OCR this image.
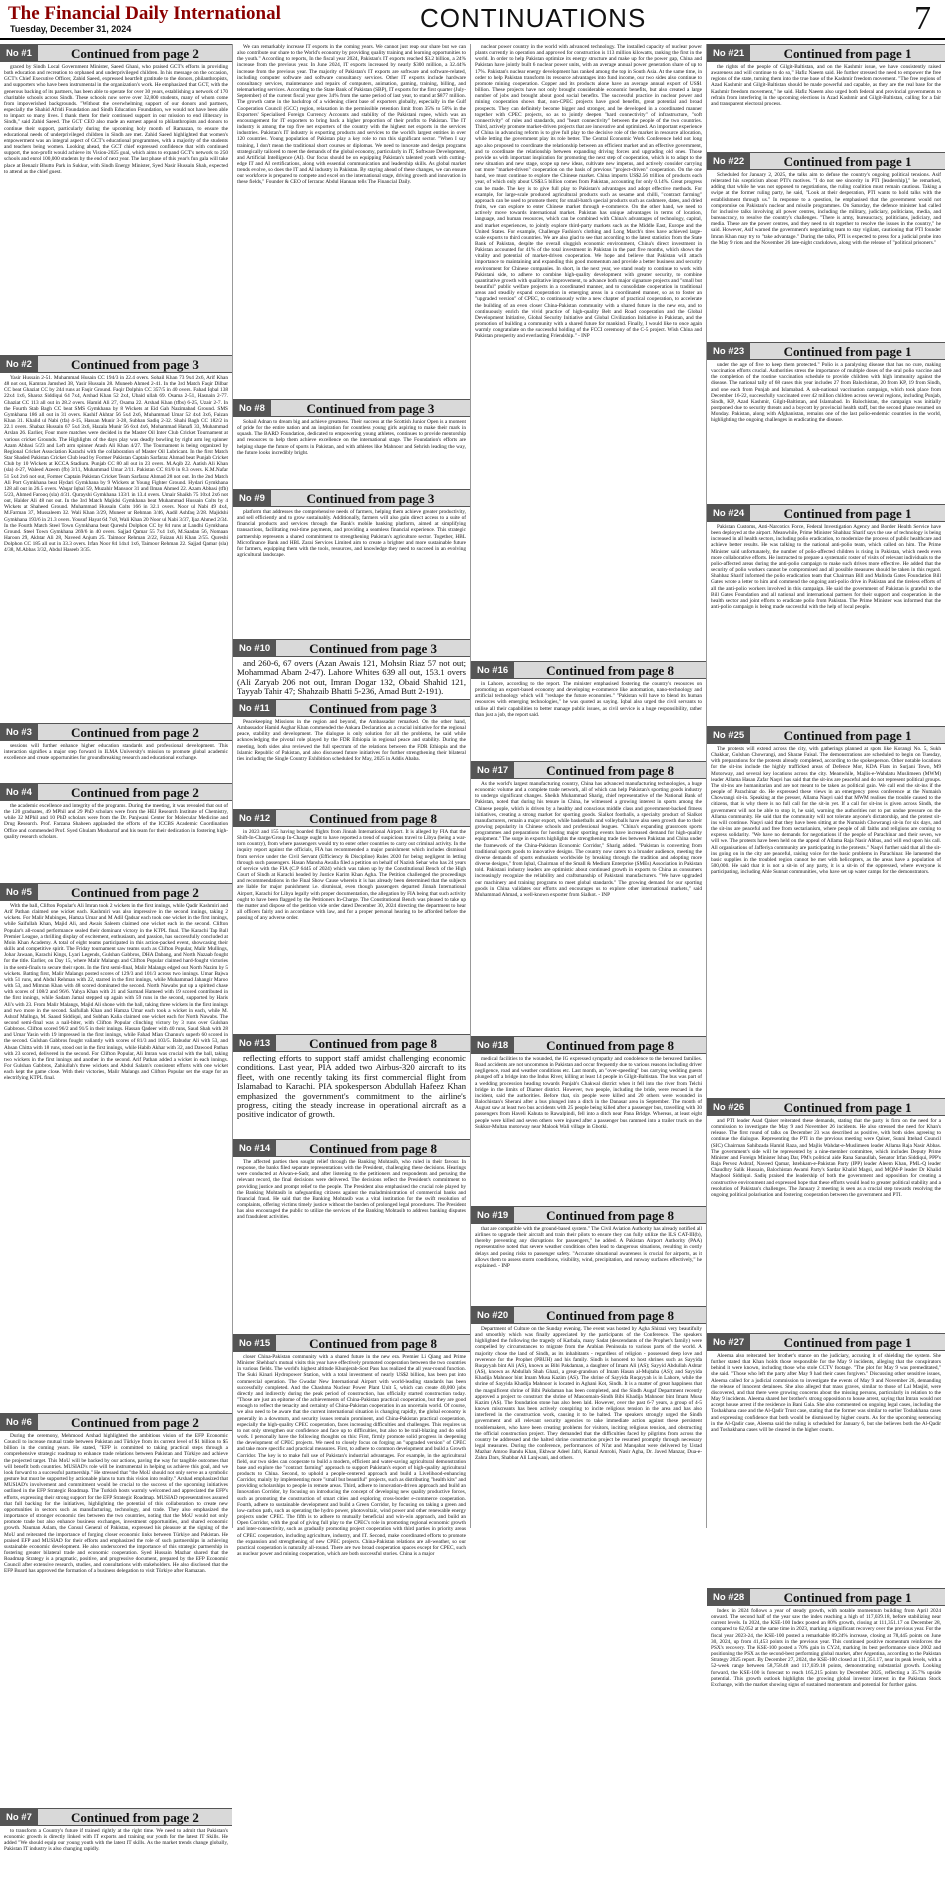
The Financial Daily International
Tuesday, December 31, 2024	CONTINUATIONS	7
No #1	Continued from page 2

graced by Sindh Local Government Minister, Saeed Ghani, who praised GCT's efforts in providing both education and recreation to orphaned and underprivileged children. In his message on the occasion, GCT's Chief Executive Officer, Zahid Saeed, expressed heartfelt gratitude to the donors, philanthropists, and supporters who have been instrumental in the organization's work. He emphasized that GCT, with the generous backing of its partners, has been able to operate for over 30 years, establishing a network of 170 charitable schools across Sindh. These schools now serve over 32,800 students, many of whom come from impoverished backgrounds. "Without the overwhelming support of our donors and partners, especially the Shahid Afridi Foundation and Sindh Education Foundation, we would not have been able to impact so many lives. I thank them for their continued support in our mission to end illiteracy in Sindh," said Zahid Saeed. The GCT CEO also made an earnest appeal to philanthropists and donors to continue their support, particularly during the upcoming holy month of Ramazan, to ensure the educational needs of underprivileged children in Sindh are met. Zahid Saeed highlighted that women's empowerment was an integral aspect of GCT's educational programmes, with a majority of the students and teachers being women. Looking ahead, the GCT chief expressed confidence that with continued support, the non-profit would achieve its Vision-2025 goal, which aims to expand GCT's network to 250 schools and enrol 100,000 students by the end of next year. The last phase of this year's fun gala will take place at Benazir Bhutto Park in Sukkur, with Sindh Energy Minister, Syed Nasir Hussain Shah, expected to attend as the chief guest.

No #2	Continued from page 3

Yasir Hussain 2-51. Muhammad Husain CC 194/3 in 22.4 overs. Sohail Khan 73 9x4 2x6, Arif Khan 48 not out, Kamran Jamshed 38, Yasir Hussain 28. Muneeb Ahmed 2-41. In the 3rd Match Faqir Dilbar CC beat Ghaziat CC by 244 runs at Faqir Ground. Faqir Dolphin CC 357/5 in 40 overs. Fahad Iqbal 138 22x4 1x6, Sharoz Siddiqui 64 7x4, Arshad Khan 52 2x4, Ubaid ullah 69. Osama 2-51, Hasnain 2-77. Ghaziat CC 113 all out in 28.2 overs. Hamid Ali 27, Osama 22. Arshad Khan (tfbs) 6-25, Uzair 2-7. In the Fourth Stab Bagh CC beat SMS Gymkhana by 8 Wickets at Eid Gah Nazimabad Ground. SMS Gymkhana 186 all out in 31 overs. Kashif Akhtar 56 5x4 2x6, Muhammad Umar 52 4x4 3x6, Faizan Khan 31. Khalid ul Nabi (tfa) 4-15, Hassan Munir 3-28, Subhan Sadiq 2-32. Shahi Bagh CC 182/2 in 22.1 overs. Shabaz Hussain 67 5x4 3x6, Hazala Munir 56 6x4 4x6, Mohammad Hanafi 33, Muhammad Arslan 26. Earlier, Four more matches were decided in the Master Oil Inter Club Cricket Tournament at various cricket Grounds. The Highlights of the days play was deadly bowling by right arm leg spinner Azam Abbasi 5/23 and Left arm spinner Atash Ali Khan 4/27. The Tournament is being organized by Regional Cricket Association Karachi with the collaboration of Master Oil Lubricant. In the first Match Star Shaded Pakistan Cricket Club lead by Former Pakistan Captain Sarfaraz Ahmad beat Punjab Cricket Club by 10 Wickets at KCCA Stadium. Punjab CC 80 all out in 23 overs. M.Aqib 22. Aatish Ali Khan (sla) 4-27, Waleed Azeem (fb) 3/11, Muhammad Umar 2/11. Pakistan CC 81/0 in 8.3 overs. K.M.Nafar 51 5x4 2x6 not out, Former Captain Pakistan Cricket Team Sarfaraz Ahmad 28 not out. In the 2nd Match Ali Port Gymkhana beat Hydari Gymkhana by 9 Wickets at Young Fighter Ground. Hydari Gymkhana 128 all out in 26.5 overs. Waqar Iqbal 59, Muzahir Mansoor 31 and Ilman Ahmed 22. Azam Abbasi (tfb) 5/23, Ahmed Farooq (sla) 4/31. Qurayshi Gymkhana 133/1 in 13.4 overs. Umair Shaikh 75 10x4 2x6 not out, Haider Ali 48 not out. In the 3rd Match Majidsi Gymkhana beat Muhammad Hussain Colts by 4 Wickets at Shaheed Ground. Muhammad Hussain Colts 166 in 32.1 overs. Noor ul Nabi 49 4x4, M.Farman 37, Mussaleem 32. Wali Khan 3/29, Muneer ur Rehman 3/46, Aadil Ashfaq 2/28. Majidshi Gymkhana 193/6 in 21.3 overs. Yousuf Hayat 64 7x8, Wali Khan 20 Noor ul Nabi 3/37, Ijaz Ahmed 2/34. In the Fourth Match Steel Town Gymkhana beat Qureshi Dolphon CC by 84 runs at Landhi Gymkhana Ground. Steel Town Gymkhana 269/6 in 40 overs. Sajjad Qamar 55 7x4 1x6, M.Saadan 56, Nomaan Haroon 29, Akhtar Ali 28, Naveed Anjum 25. Taimoor Rehman 2/22, Faizan Ali Khan 2/55. Qureshi Dolphon CC 185 all out in 33.3 overs. Irfan Noor 84 14x4 1x6, Taimoor Rehman 22. Sajjad Qamar (sla) 4/38, M.Abbas 3/32, Abdul Haseeb 3/35.

No #3	Continued from page 2

sessions will further enhance higher education standards and professional development. This interaction signifies a major step forward in ILMA University's mission to promote global academic excellence and create opportunities for groundbreaking research and educational exchange.

No #4	Continued from page 2

the academic excellence and integrity of the programs. During the meeting, it was revealed that out of the 120 graduates, 49 MPhil and 29 PhD scholars were from the HEJ Research Institute of Chemistry, while 32 MPhil and 10 PhD scholars were from the Dr. Panjwani Center for Molecular Medicine and Drug Research. Prof. Farzana Shaheen applauded the efforts of the ICCBS Academic Coordination Office and commended Prof. Syed Ghulam Musharraf and his team for their dedication in fostering high-quality research scholars.

No #5	Continued from page 2

With the ball, Clifton Popular's Ali Imran took 2 wickets in the first innings, while Qadir Kashmiri and Arif Pathan claimed one wicket each. Kashmiri was also impressive in the second innings, taking 2 wickets. For Malir Mubinges, Hamza Umar and M Adil Qadsar each took one wicket in the first innings, while Saifullah Khan, Majid Ali, and Awais Saleem claimed one wicket each in the second. Clifton Popular's all-round performance sealed their dominant victory in the KTPL final. The Karachi Tap Ball Premier League, a thrilling display of excitement, enthusiasm, and passion, has successfully concluded at Moin Khan Academy. A total of eight teams participated in this action-packed event, showcasing their skills and competitive spirit. The Friday tournament saw teams such as Clifton Popular, Malir Mullings, Johar Jawaan, Karachi Kings, Lyari Legends, Gulshan Gabbros, DHA Dabang, and North Nazaab fought for the title. Earlier, on Day 15, where Malir Malangs and Clifton Popular claimed hard-fought victories in the semi-finals to secure their spots. In the first semi-final, Malir Malangs edged out North Nazim by 5 wickets. Batting first, Malir Malangs posted scores of 129/3 and 101/3 across two innings. Umar Bajwa with 51 runs, and Abdul Rehman with 22, starred in the first innings, while Muhammad Jahangir Maroo with 53, and Mimran Khan with 48 scored dominated the second. North Nawabs put up a spirited chase with scores of 108/2 and 96/6. Yahya Khan with 21 and Sarmad Hameed with 19 scored contributed in the first innings, while Sadam Jamal stepped up again with 59 runs in the second, supported by Haris Ali's with 23. From Malir Malangs, Majid Ali shone with the ball, taking three wickets in the first innings and two more in the second. Saifullah Khan and Hamza Umar each took a wicket in each, while M. Ashraf Mallnga, M. Saaud Siddiqui, and Subhan Kalia claimed one wicket each for North Nawabs. The second semi-final was a nail-biter, with Clifton Popular clinching victory by 3 runs over Gulshan Gabbroos. Clifton scored 96/2 and 91/5 in their innings. Hassan Qadeer with 40 runs, Saud Shah with 28 and Umar Yasin with 19 impressed in the first innings, while Fahad Mian Channu's superb 60 scored in the second. Gulshan Gabbros fought valiantly with scores of 81/3 and 103/5. Babudur Ali with 53, and Ahsan Chitta with 18 runs, stood out in the first innings, while Habib Akhar with 32, and Dawood Pathan with 23 scored, delivered in the second. For Clifton Popular, Ali Imran was crucial with the ball, taking two wickets in the first innings and another in the second. Arif Pathan added a wicket in each innings. For Gulshan Gabbros, Zahiullah's three wickets and Abdul Salam's consistent efforts with one wicket each kept the game close. With their victories, Malir Malangs and Clifton Popular set the stage for an electrifying KTPL final.

No #6	Continued from page 2

During the ceremony, Mehmood Arshad highlighted the ambitious vision of the EFP Economic Council to increase mutual trade between Pakistan and Türkiye from its current level of $1 billion to $5 billion in the coming years. He stated, "EFP is committed to taking practical steps through a comprehensive strategic roadmap to enhance trade relations between Pakistan and Türkiye and achieve the projected target. This MoU will be backed by our actions, paving the way for tangible outcomes that will benefit both countries. MUSIAD's role will be instrumental in helping us achieve this goal, and we look forward to a successful partnership." He stressed that "the MoU should not only serve as a symbolic gesture but must be supported by actionable plans to turn this vision into reality." Arshad emphasized that MUSIAD's involvement and commitment would be crucial to the success of the upcoming initiatives outlined in the EFP Strategic Roadmap. The Turkish hosts warmly welcomed and appreciated the EFP's efforts, expressing their strong support for the EFP Strategic Roadmap. MUSIAD representatives assured that full backing for the initiatives, highlighting the potential of this collaboration to create new opportunities in sectors such as manufacturing, technology, and trade. They also emphasized the importance of stronger economic ties between the two countries, noting that the MoU would not only promote trade but also enhance business exchanges, investment opportunities, and shared economic growth. Nauman Aslam, the Consul General of Pakistan, expressed his pleasure at the signing of the MoU and reiterated the importance of forging closer economic links between Türkiye and Pakistan. He praised EFP and MUSIAD for their efforts and emphasized the role of such partnerships in achieving sustainable economic development. He also underscored the importance of this strategic partnership in fostering greater bilateral trade and economic cooperation. Syed Hussain Mazhar shared that the Roadmap Strategy is a pragmatic, positive, and progressive document, prepared by the EFP Economic Council after extensive research, studies, and consultations with stakeholders. He also disclosed that the EFP Board has approved the formation of a business delegation to visit Türkiye after Ramazan.

No #7	Continued from page 2

to transform a Country's future if trained rightly at the right time. We need to admit that Pakistan's economic growth is directly linked with IT exports and training our youth for the latest IT Skills. He added "We should equip our young youth with the latest IT skills. As the market trends change globally, Pakistan IT industry is also changing rapidly.

We can remarkably increase IT exports in the coming years. We cannot just reap our share but we can also contribute our share to the World's economy by providing quality training and learning opportunities to the youth." According to reports, In the fiscal year 2024, Pakistan's IT exports reached $3.2 billion, a 24% increase from the previous year. In June 2024, IT exports increased by nearly $300 million, a 32.44% increase from the previous year. The majority of Pakistan's IT exports are software and software-related, including computer software and software consultancy services. Other IT exports include hardware consultancy services, maintenance and repairs of computers, animation, gaming, training, billing, and telemarketing services. According to the State Bank of Pakistan (SBP), IT exports for the first quarter (July-September) of the current fiscal year grew 34% from the same period of last year, to stand at $877 million. The growth came in the backdrop of a widening client base of exporters globally, especially in the Gulf Cooperation Council (GCC) region, relaxation in the permissible retention limit from 35% to 50% in the Exporters' Specialised Foreign Currency Accounts and stability of the Pakistani rupee, which was an encouragement for IT exporters to bring back a higher proportion of their profits to Pakistan. The IT industry is among the top five net exporters of the country with the highest net exports in the services industries. Pakistan's IT industry is exporting products and services to the world's largest entities in over 120 countries. Young population of Pakistan play a key role to run this significant sector. "When I say training, I don't mean the traditional short courses or diplomas. We need to innovate and design programs strategically tailored to meet the demands of the global economy, particularly in IT, Software Development, and Artificial Intelligence (AI). Our focus should be on equipping Pakistan's talented youth with cutting-edge IT and AI certifications, along with essential communication and leadership skills. As global market trends evolve, so does the IT and AI industry in Pakistan. By staying ahead of these changes, we can ensure our workforce is prepared to compete and excel on the international stage, driving growth and innovation in these fields," Founder & CEO of Ierrarac Abdul Hannan tells The Financial Daily.

No #8	Continued from page 3

Sohail Adnan to dream big and achieve greatness. Their success at the Scottish Junior Open is a moment of pride for the entire nation and an inspiration for countless young girls aspiring to make their mark in squash. The BARD Foundation, dedicated to empowering young athletes, continues to provide mentorship and resources to help them achieve excellence on the international stage. The Foundation's efforts are helping shape the future of sports in Pakistan, and with athletes like Mahnoor and Sehrish leading the way, the future looks incredibly bright.

No #9	Continued from page 3

platform that addresses the comprehensive needs of farmers, helping them achieve greater productivity, and sell efficiently and to grow sustainably. Additionally, farmers will also gain direct access to a suite of financial products and services through the Bank's mobile banking platform, aimed at simplifying transactions, facilitating real-time payments, and providing a seamless financial experience. This strategic partnership represents a shared commitment to strengthening Pakistan's agriculture sector. Together, HBL Microfinance Bank and HBL Zarai Services Limited aim to create a brighter and more sustainable future for farmers, equipping them with the tools, resources, and knowledge they need to succeed in an evolving agricultural landscape.

No #10	Continued from page 3

and 260-6, 67 overs (Azan Awais 121, Mohsin Riaz 57 not out; Mohammad Abam 2-47). Lahore Whites 639 all out, 153.1 overs (Ali Zaryab 206 not out, Imran Dogar 132, Obaid Shahid 121, Tayyab Tahir 47; Shahzaib Bhatti 5-236, Amad Butt 2-191).

No #11	Continued from page 3

Peacekeeping Missions in the region and beyond, the Ambassador remarked. On the other hand, Ambassador Hamid Asghar Khan commended the Ankara Declaration as a crucial initiative for the regional peace, stability and development. The dialogue is only solution for all the problems, he said while acknowledging the pivotal role played by the FDR Ethiopia in regional peace and stability. During the meeting, both sides also reviewed the full spectrum of the relations between the FDR Ethiopia and the Islamic Republic of Pakistan, and also discussed future initiatives for further strengthening their bilateral ties including the Single Country Exhibition scheduled for May, 2025 in Addis Ababa.

No #12	Continued from page 8

in 2023 and 155 having boarded flights from Jinnah International Airport. It is alleged by FIA that the Shift-In-Charge/Group In-Charge ought to have reported a trend of suspicious travel to Libya (being a war-torn country), from where passengers would try to enter other countries to carry out criminal activity. In the inquiry report against the officials, FIA has recommended a major punishment which includes dismissal from service under the Civil Servant (Efficiency & Discipline) Rules 2020 for being negligent in letting through such passengers. Hasan Mansha Awalla filed a petition on behalf of Nazish Sehar who has 24 years of service with the FIA (C.P 6445 of 2024) which was taken up by the Constitutional Bench of the High Court of Sindh at Karachi headed by Justice Karim Khan Agha. The Petition challenged the proceedings and recommendations in the Final Show Cause wherein it is has already been determined that the subjects are liable for major punishment i.e. dismissal, even though passengers departed Jinnah International Airport, Karachi for Libya legally with proper documentation, the allegation by FIA being that such activity ought to have been flagged by the Petitioners In-Charge. The Constitutional Bench was pleased to take up the matter and dispose of the petition vide order dated December 30, 2024 directing the department to hear all officers fairly and in accordance with law, and for a proper personal hearing to be afforded before the passing of any adverse order.

No #13	Continued from page 8

reflecting efforts to support staff amidst challenging economic conditions. Last year, PIA added two Airbus-320 aircraft to its fleet, with one recently taking its first commercial flight from Islamabad to Karachi. PIA spokesperson Abdullah Hafeez Khan emphasized the government's commitment to the airline's progress, citing the steady increase in operational aircraft as a positive indicator of growth.

No #14	Continued from page 8

The affected parties then sought relief through the Banking Mohtasib, who ruled in their favour. In response, the banks filed separate representations with the President, challenging these decisions. Hearings were conducted at Aiwan-e-Sadr, and after listening to the petitioners and respondents and perusing the relevant record, the final decisions were delivered. The decisions reflect the President's commitment to providing justice and prompt relief to the people. The President also emphasised the crucial role played by the Banking Mohtasib in safeguarding citizens against the maladministration of commercial banks and financial fraud. He said that the Banking Mohtasib was a vital institution for the swift resolution of complaints, offering victims timely justice without the burden of prolonged legal procedures. The President has also encouraged the public to utilize the services of the Banking Mohtasib to address banking disputes and fraudulent activities.

No #15	Continued from page 8

closer China-Pakistan community with a shared future in the new era. Premier Li Qiang and Prime Minister Shehbaz's mutual visits this year have effectively promoted cooperation between the two countries in various fields. The world's highest altitude Khunjerab-Sost Pass has realized the all year-round function. The Suki Kinari Hydropower Station, with a total investment of nearly US$2 billion, has been put into commercial operation. The Gwadar New International Airport with world-leading standards has been successfully completed. And the Chashma Nuclear Power Plant Unit 5, which can create 40,000 jobs directly and indirectly during the peak period of construction, has officially started construction today. "Those are just an epitome of the achievements of China-Pakistan practical cooperation, but they are good enough to reflect the tenacity and certainty of China-Pakistan cooperation in an uncertain world. Of course, we also need to be aware that the current international situation is changing rapidly, the global economy is generally in a downturn, and security issues remain prominent, and China-Pakistan practical cooperation, especially the high-quality CPEC cooperation, faces increasing difficulties and challenges. This requires us to not only strengthen our confidence and face up to difficulties, but also to be trail-blazing and do solid work. I personally have the following thoughts on this: First, firmly promote solid progress in deepening the development of CPEC projects. We need to closely focus on forging an "upgraded version" of CPEC and take more specific and practical measures. First, to adhere to common development and build a Growth Corridor. The key is to make full use of Pakistan's industrial advantages. For example, in the agricultural field, our two sides can cooperate to build a modern, efficient and water-saving agricultural demonstration base and explore the "contract farming" approach to support Pakistan's export of high-quality agricultural products to China. Second, to uphold a people-centered approach and build a Livelihood-enhancing Corridor, mainly by implementing more "small but beautiful" projects, such as distributing "health kits" and providing scholarships to people in remote areas. Third, adhere to innovation-driven approach and build an Innovation Corridor, by focusing on introducing the concept of developing new quality productive forces, such as promoting the construction of smart cities and exploring cross-border e-commerce cooperation. Fourth, adhere to sustainable development and build a Green Corridor, by focusing on taking a green and low-carbon path, such as operating the hydro power, photovoltaic, wind power and other renewable energy projects under CPEC. The fifth is to adhere to mutually beneficial and win-win approach, and build an Open Corridor, with the goal of giving full play to the CPEC's role in promoting regional economic growth and inter-connectivity, such as gradually promoting project cooperation with third parties in priority areas of CPEC cooperation, including agriculture, industry, and IT. Second, make coordinated efforts to promote the expansion and strengthening of new CPEC projects. China-Pakistan relations are all-weather, so our practical cooperation is naturally all-round. There are two broad cooperation spaces except for CPEC, such as nuclear power and mining cooperation, which are both successful stories. China is a major

nuclear power country in the world with advanced technology. The installed capacity of nuclear power plants currently in operation and approved for construction is 113 million kilowatts, ranking the first in the world. In order to help Pakistan optimize its energy structure and make up for the power gap, China and Pakistan have jointly built 6 nuclear power units, with an average annual power generation share of up to 17%. Pakistan's nuclear energy development has ranked among the top in South Asia. At the same time, in order to help Pakistan transform its resource advantages into fund income, our two sides also continue to promote mining cooperation. Copper and its products alone have an average annual export of US$1 billion. These projects have not only brought considerable economic benefits, but also created a large number of jobs and brought about good social benefits. The successful practice in nuclear power and mining cooperation shows that, non-CPEC projects have good benefits, great potential and broad prospects. They can definitely become bigger and stronger, and be developed in a coordinated manner together with CPEC projects, so as to jointly deepen "hard connectivity" of infrastructure, "soft connectivity" of rules and standards, and "heart connectivity" between the people of the two countries. Third, actively promote market-driven projects that are innovative and optimized. An important experience of China in advancing reform is to give full play to the decisive role of the market in resource allocation, while letting the government play its role better. The Central Economic Work Conference held not long ago also proposed to coordinate the relationship between an efficient market and an effective government, and to coordinate the relationship between expanding driving forces and upgrading old ones. Those provide us with important inspiration for promoting the next step of cooperation, which is to adapt to the new situation and new stage, scope up new ideas, cultivate new impetus, and actively consider carrying out more "market-driven" cooperation on the basis of previous "project-driven" cooperation. On the one hand, we must continue to explore the Chinese market. China imports US$2.56 trillion of products each year, of which only about US$3.5 billion comes from Pakistan, accounting for only 0.14%. Great progress can be made. The key is to give full play to Pakistan's advantages and adopt effective methods. For example, for large-scale produced agricultural products such as sesame and chilli, "contract farming" approach can be used to promote them; for small-batch special products such as cashmere, dates, and dried fruits, we can explore to enter Chinese market through e-commerce. On the other hand, we need to actively move towards international market. Pakistan has unique advantages in terms of location, language, and human resources, which can be combined with China's advantages of technology, capital, and market experiences, to jointly explore third-party markets such as the Middle East, Europe and the United States. For example, Challenge Fashion's clothing and Long March's tires have achieved large-scale exports to third countries. We are also glad to see that according to the latest statistics from the State Bank of Pakistan, despite the overall sluggish economic environment, China's direct investment in Pakistan accounted for 41% of the total investment in Pakistan in the past five months, which shows the vitality and potential of market-driven cooperation. We hope and believe that Pakistan will attach importance to maintaining and expanding this good momentum and provide a better business and security environment for Chinese companies. In short, in the next year, we stand ready to continue to work with Pakistani side, to adhere to combine high-quality development with greater security, to combine quantitative growth with qualitative improvement, to advance both major signature projects and "small but beautiful" public welfare projects in a coordinated manner, and to consolidate cooperation in traditional areas and steadily expand cooperation in emerging areas in a coordinated manner, so as to foster an "upgraded version" of CPEC, to continuously write a new chapter of practical cooperation, to accelerate the building of an even closer China-Pakistan community with a shared future in the new era, and to continuously enrich the vivid practice of high-quality Belt and Road cooperation and the Global Development Initiative, Global Security Initiative and Global Civilization Initiative in Pakistan, and the promotion of building a community with a shared future for mankind. Finally, I would like to once again warmly congratulate on the successful holding of the FCCI ceremony of the C-5 project. Wish China and Pakistan prosperity and everlasting Friendship." - INP

No #16	Continued from page 8

in Lahore, according to the report. The minister emphasised fostering the country's resources on promoting an export-based economy and developing e-commerce like automation, nano-technology and artificial technology which will "reshape the future economies." "Pakistan will have to blend its human resources with emerging technologies," he was quoted as saying. Iqbal also urged the civil servants to utilise all their capabilities to better manage public issues, as civil service is a huge responsibility, rather than just a job, the report said.

No #17	Continued from page 8

As the world's largest manufacturing country, China has advanced manufacturing technologies, a huge economic volume and a complete trade network, all of which can help Pakistan's sporting goods industry to undergo significant changes. Sheikh Muhammad Sharig, chief representative of the National Bank of Pakistan, noted that during his tenure in China, he witnessed a growing interest in sports among the Chinese people, which is driven by a healthy and conscious middle class and government-backed fitness initiatives, creating a strong market for sporting goods. Sialkot footballs, a specialty product of Sialkot manufacturers, remain a major export, while basketballs and volleyballs have also seen growth due to their growing popularity in Chinese schools and professional leagues. "China's expanding grassroots sports programmes and preparations for hosting major sporting events have increased demand for high-quality equipment." The surge in exports highlights the strengthening trade ties between Pakistan and China under the framework of the China-Pakistan Economic Corridor," Sharig added. "Pakistan is converting from traditional sports goods to innovative designs. The country now caters to a broader audience, meeting the diverse demands of sports enthusiasts worldwide by breaking through the tradition and adopting more diverse designs," from Iqbal, Chairman of the Small & Medium Enterprise (SMEs) Association in Pakistan told. Pakistani industry leaders are optimistic about continued growth in exports to China as consumers increasingly recognize the reliability and craftsmanship of Pakistani manufacturers. "We have upgraded our machinery and training programs to meet global standards." The growing demand for our sporting goods in China validates our efforts and encourages us to explore other international markets," said Muhammad Ahmad, a well-known exporter from Sialkot. - INP

No #18	Continued from page 8

medical facilities to the wounded, the IG expressed sympathy and condolence to the bereaved families. Road accidents are not uncommon in Pakistan and occur frequently due to various reasons including driver negligence, road and weather conditions etc. Last month, an "over-speeding" bus carrying wedding guests plunged off a bridge into the Indus River, killing at least 14 people in Gilgit-Baltistan. The bus was part of a wedding procession heading towards Punjab's Chakwal district when it fell into the river from Telchi bridge in the limits of Diamer district. However, two people, including the bride, were rescued in the incident, said the authorities. Before that, six people were killed and 20 others were wounded in Balochistan's Sherani after a bus plunged into a ditch in the Danasar area in September. The month of August saw at least two bus accidents with 25 people being killed after a passenger bus, travelling with 30 passengers from Haveli Kahuta to Rawalpindi, fell into a ditch near Pana Bridge. Whereas, at least eight people were killed and seven others were injured after a passenger bus rammed into a trailer truck on the Sukkur-Multan motorway near Malook Wali village in Gbotki.

No #19	Continued from page 8

that are compatible with the ground-based system." The Civil Aviation Authority has already notified all airlines to upgrade their aircraft and train their pilots to ensure they can fully utilize the ILS CAT-III(b), thereby preventing any disruptions for passengers," he added. A Pakistan Airport Authority (PAA) representative noted that severe weather conditions often lead to dangerous situations, resulting in costly delays and posing risks to passenger safety. "Accurate situational awareness is crucial for airports, as it allows them to assess storm conditions, visibility, wind, precipitation, and runway surfaces effectively," he explained. - INP

No #20	Continued from page 8

Department of Culture on the Sunday evening. The event was hosted by Agha Shirazi very beautifully and smoothly which was finally appreciated by the participants of the Conference. The speakers highlighted the following the tragedy of Karbala, many Sadat (descendants of the Prophet's family) were compelled by circumstances to migrate from the Arabian Peninsula to various parts of the world. A majority chose the land of Sindh, as its inhabitants - regardless of religion - possessed deep love and reverence for the Prophet (PBUH) and his family. Sindh is honored to host shrines such as Sayyida Ruqayyah bint Ali (AS), known as Bibi Pakdaman, a daughter of Imam Ali (AS); Sayyid Abdullah Ashtar (AS), known as Abdullah Shah Ghazi, a great-grandson of Imam Hasan al-Mujtaba (AS); and Sayyida Khadija Mahnoor bint Imam Musa Kazim (AS). The shrine of Sayyida Ruqayyah is in Lahore, while the shrine of Sayyida Khadija Mahnoor is located in Aghani Kot, Sindh. It is a matter of great happiness that the magnificent shrine of Bibi Pakdaman has been completed, and the Sindh Augaf Department recently approved a project to construct the shrine of Masoomain-Sindh Bibi Khadija Mahnoor bint Imam Musa Kazim (AS). The foundation stone has also been laid. However, over the past 6-7 years, a group of 4-5 known miscreants has been actively conspiring to incite religious tension in the area and has also interfered in the construction work, causing it to be halted. The speakers strongly urged the Sindh government and all relevant security agencies to take immediate action against these persistent troublemakers, who have been creating problems for visitors, inciting religious tension, and obstructing the official construction project. They demanded that the difficulties faced by pilgrims from across the country be addressed and the halted shrine construction project be resumed promptly through necessary legal measures. During the conference, performances of Ni'at and Manqabat were delivered by Ustad Mazhar Amroo Bandu Khan, Ekhwar Adeel Jafri, Kamal Amrohi, Nasir Agha, Dr. Javed Manzar, Dua-e-Zahra Dars, Shabbar Ali Lanjwani, and others.

No #21	Continued from page 1

the rights of the people of Gilgit-Baltistan, and on the Kashmir issue, we have consistently raised awareness and will continue to do so," Hafiz Naeem said. He further stressed the need to empower the free regions of the state, turning them into the true base of the Kashmir freedom movement. "The free regions of Azad Kashmir and Gilgit-Baltistan should be made powerful and capable, as they are the real base for the Kashmir freedom movement," he said. Hafiz Naeem also urged both federal and provincial governments to refrain from interfering in the upcoming elections in Azad Kashmir and Gilgit-Baltistan, calling for a fair and transparent electoral process.

No #22	Continued from page 1

Scheduled for January 2, 2025, the talks aim to defuse the country's ongoing political tensions. Asif reiterated his scepticism about PTI's motives. "I do not see sincerity in PTI [leadership]," he remarked, adding that while he was not opposed to negotiations, the ruling coalition must remain cautious. Taking a swipe at the former ruling party, he said, "Look at their desperation, PTI wants to hold talks with the establishment through us." In response to a question, he emphasised that the government would not compromise on Pakistan's nuclear and missile programmes. On Saturday, the defence minister had called for inclusive talks involving all power centres, including the military, judiciary, politicians, media, and bureaucracy, to resolve the country's challenges. "There is army, bureaucracy, politicians, judiciary, and media. These are the power centres, and they need to sit together to resolve the issues in the country," he said. However, Asif warned the government's negotiating team to stay vigilant, cautioning that PTI founder Imran Khan may try to "take advantage." During the talks, PTI is expected to press for a judicial probe into the May 9 riots and the November 26 late-night crackdown, along with the release of "political prisoners."

No #23	Continued from page 1

under the age of five to keep them protected." Polio is a paralysing disease that has no cure, making vaccination efforts crucial. Authorities stress the importance of multiple doses of the oral polio vaccine and the completion of the routine vaccination schedule to provide children with high immunity against the disease. The national tally of 68 cases this year includes 27 from Balochistan, 20 from KP, 19 from Sindh, and one each from Punjab and Islamabad. A sub-national vaccination campaign, which took place from December 16-22, successfully vaccinated over 42 million children across several regions, including Punjab, Sindh, KP, Azad Kashmir, Gilgit-Baltistan, and Islamabad. In Balochistan, the campaign was initially postponed due to security threats and a boycott by provincial health staff, but the second phase resumed on Monday. Pakistan, along with Afghanistan, remains one of the last polio-endemic countries in the world, highlighting the ongoing challenges in eradicating the disease.

No #24	Continued from page 1

Pakistan Customs, Anti-Narcotics Force, Federal Investigation Agency and Border Health Service have been deployed at the airport. Meanwhile, Prime Minister Shahbaz Sharif says the use of technology is being increased in all health sectors, including polio eradication, to modernize the process of public healthcare and achieve better results. He was talking to the national anti-polio team, which called on him. The Prime Minister said unfortunately, the number of polio-affected children is rising in Pakistan, which needs even more collaborative efforts. He instructed to prepare a systematic roster of visits of relevant individuals to the polio-affected areas during the anti-polio campaign to make such drives more effective. He added that the security of polio workers cannot be compromised and all possible measures should be taken in this regard. Shahbaz Sharif informed the polio eradication team that Chairman Bill and Malinda Gates Foundation Bill Gates wrote a letter to him and commend the ongoing anti-polio drive in Pakistan and the tireless efforts of all the anti-polio workers involved in this campaign. He said the government of Pakistan is grateful to the Bill Gates Foundation and all national and international partners for their support and cooperation in the health sector and joint efforts to eradicate polio from Pakistan. The Prime Minister was informed that the anti-polio campaign is being made successful with the help of local people.

No #25	Continued from page 1

The protests will extend across the city, with gatherings planned at spots like Korangi No. 5, Sukh Chakkar, Gulshan Chowrangi, and Sharae Faisal. The demonstrations are scheduled to begin on Tuesday, with preparations for the protests already completed, according to the spokesperson. Other notable locations for the sit-ins include the highly trafficked areas of Defence Mor, KDA Flats in Surjani Town, M9 Motorway, and several key locations across the city. Meanwhile, Majlis-e-Wahdatu Muslimeen (MWM) leader Allama Hasan Zafar Naqvi has said that the sit-ins are peaceful and do not represent political groups. The sit-ins are humanitarian and are not meant to be taken as political gain. We call end the sit-ins if the people of Parachinar do. He expressed these views in an emergency press conference at the Numaish Chowrangi sit-in. Speaking at the presser, Allama Naqvi said that MWM realises the trouble caused to the citizens, that is why there is no full call for the sit-in yet. If a call for sit-ins is given across Sindh, the government will not be able to stop it, he said, warning the authorities not to put undue pressure on the Allama community. He said that the community will not tolerate anyone's dictatorship, and the protest sit-ins will continue. Naqvi said that they have been sitting at the Numaish Chowrangi sit-in for six days, and the sit-ins are peaceful and free from sectarianism, where people of all faiths and religions are coming to express solidarity. "We have no demands for negotiations if the people of Parachinar and their seven, we will we. The protests have been held on the appeal of Allama Raja Nasir Abbas, and will end upon his call. All organisations of Jafferiya community are participating in the protests." Naqvi further said that all the sit-ins going on in the city are peaceful, raising voice for the basic problems in Parachinar. He lamented the basic supplies in the troubled region cannot be met with helicopters, as the areas have a population of 500,000. He said that it is not a sit-in of any party, it is a sit-in of the oppressed, where everyone is participating, including Ahle Sunnat communities, who have set up water camps for the demonstrators.

No #26	Continued from page 1

and PTI leader Asad Qaiser reiterated these demands, stating that the party is firm on the need for a commission to investigate the May 9 and November 26 incidents. He also stressed the need for Khan's release. The first round of talks on December 23 was described as positive, with both sides agreeing to continue the dialogue. Representing the PTI in the previous meeting were Qaiser, Sunni Ittehad Council (SIC) Chairman Sahibzada Hamid Raza, and Majlis Wahdat-e-Muslimeen leader Allama Raja Nasir Abbas. The government's side will be represented by a nine-member committee, which includes Deputy Prime Minister and Foreign Minister Ishaq Dar, PM's political aide Rana Sanaullah, Senator Irfan Siddiqui, PPP's Raja Pervez Ashraf, Naveed Qamar, Istehkam-e-Pakistan Party (IPP) leader Aleem Khan, PML-Q leader Chaudhry Salik Hussain, Balochistan Awami Party's Sardar Khalid Magsi, and MQM-P leader Dr Khalid Maqbool Siddiqui. Sadiq praised the leadership of both the government and opposition for creating a constructive environment and expressed hope that these efforts would lead to greater political stability and a resolution of Pakistan's challenges. The January 2 meeting is seen as a crucial step towards resolving the ongoing political polarisation and fostering cooperation between the government and PTI.

No #27	Continued from page 1

Aleema also reiterated her brother's stance on the judiciary, accusing it of shielding the system. She further stated that Khan holds those responsible for the May 9 incidents, alleging that the conspirators behind it were known, including those who stole CCTV footage. "The plot for May 9 was premeditated," she said. "Those who left the party after May 9 had their cases forgiven." Discussing other sensitive issues, Aleema called for a judicial commission to investigate the events of May 9 and November 26, demanding the release of innocent detainees. She also alleged that mass graves, similar to those of Lal Masjid, were discovered, and that there were growing concerns about the missing persons, particularly in relation to the May 9 incidents. Aleema shared her brother's strong opposition to house arrest, saying that Imran would not accept house arrest if the residence in Bani Gala. She also commented on ongoing legal cases, including the Toshakhana case and the Al-Qadir Trust case, stating that the former was similar to earlier Toshakhana cases and expressing confidence that both would be dismissed by higher courts. As for the upcoming sentencing in the Al-Qadir case, Aleema said the ruling is scheduled for January 6, but she believes both the Al-Qadir and Toshakhana cases will be cleared in the higher courts.

No #28	Continued from page 1

Index in 2024 follows a year of steady growth, with notable momentum building from April 2024 onward. The second half of the year saw the index reaching a high of 117,039.18, before stabilizing near current levels. In 2024, the KSE-100 Index posted an 80% growth, closing at 111,351.17 on December 28, compared to 62,052 at the same time in 2023, marking a significant recovery over the previous year. For the fiscal year 2023-24, the KSE-100 posted a remarkable 89.24% increase, closing at 78,445 points on June 30, 2024, up from 41,453 points in the previous year. This continued positive momentum reinforces the PSX's recovery. The KSE-100 posted a 70% gain in CY24, marking its best performance since 2002 and positioning the PSX as the second-best performing global market, after Argentina, according to the Pakistan Strategy 2025 report. By December 27, 2024, the KSE-100 closed at 111,351.17, near its peak levels, with a 52-week range between 58,758.48 and 117,039.18 points, demonstrating substantial growth. Looking forward, the KSE-100 is forecast to reach 165,215 points by December 2025, reflecting a 35.7% upside potential. This growth outlook highlights the growing global investor interest in the Pakistan Stock Exchange, with the market showing signs of sustained momentum and potential for further gains.
